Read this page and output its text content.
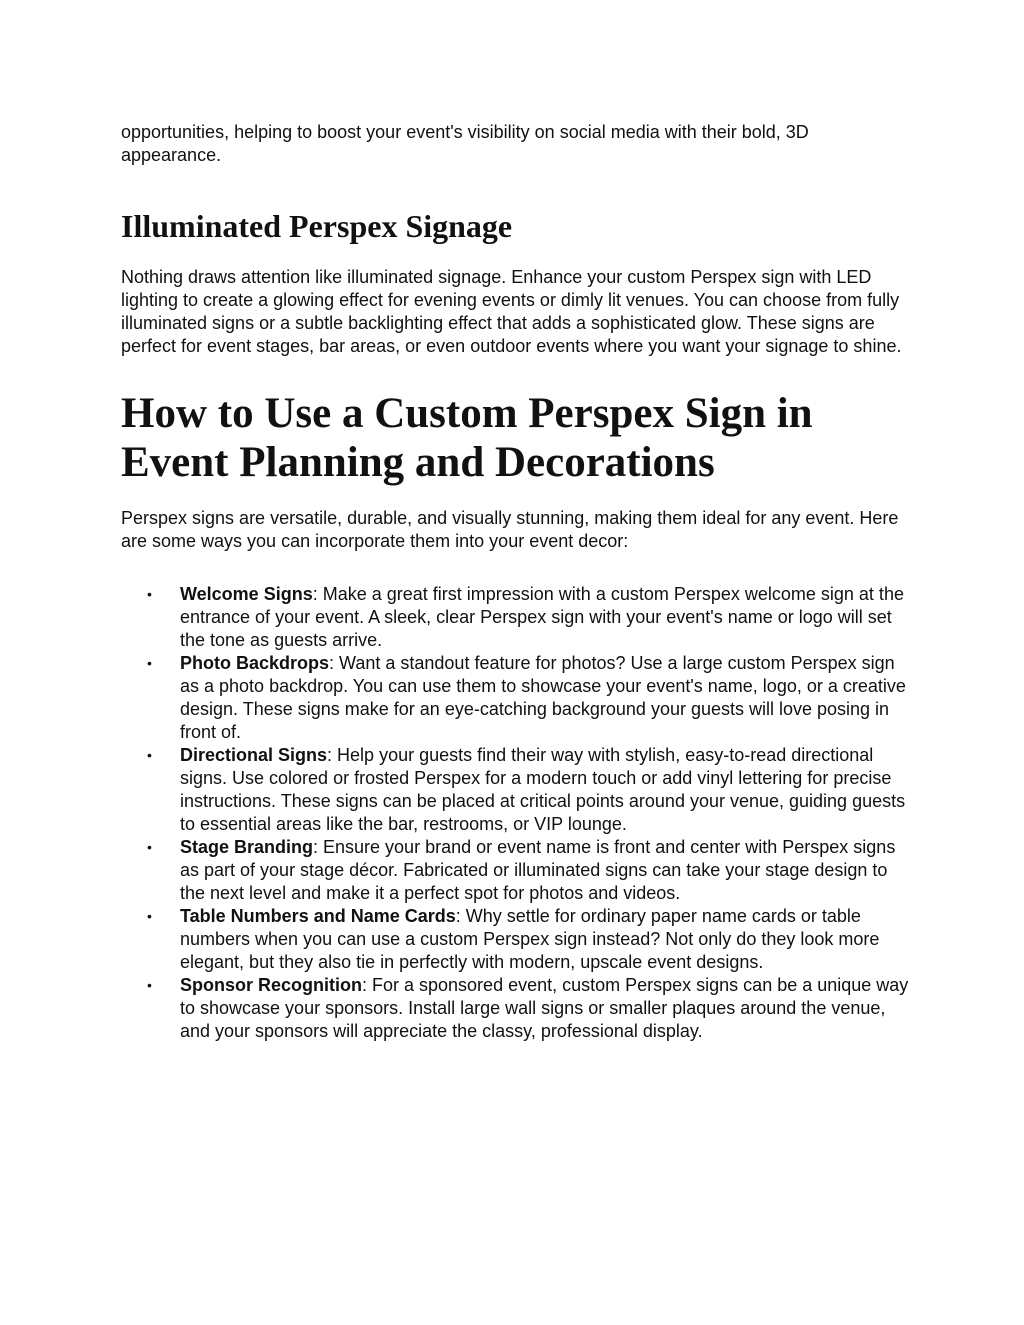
opportunities, helping to boost your event's visibility on social media with their bold, 3D appearance.

Illuminated Perspex Signage

Nothing draws attention like illuminated signage. Enhance your custom Perspex sign with LED lighting to create a glowing effect for evening events or dimly lit venues. You can choose from fully illuminated signs or a subtle backlighting effect that adds a sophisticated glow. These signs are perfect for event stages, bar areas, or even outdoor events where you want your signage to shine.

How to Use a Custom Perspex Sign in Event Planning and Decorations

Perspex signs are versatile, durable, and visually stunning, making them ideal for any event. Here are some ways you can incorporate them into your event decor:

• Welcome Signs: Make a great first impression with a custom Perspex welcome sign at the entrance of your event. A sleek, clear Perspex sign with your event's name or logo will set the tone as guests arrive.
• Photo Backdrops: Want a standout feature for photos? Use a large custom Perspex sign as a photo backdrop. You can use them to showcase your event's name, logo, or a creative design. These signs make for an eye-catching background your guests will love posing in front of.
• Directional Signs: Help your guests find their way with stylish, easy-to-read directional signs. Use colored or frosted Perspex for a modern touch or add vinyl lettering for precise instructions. These signs can be placed at critical points around your venue, guiding guests to essential areas like the bar, restrooms, or VIP lounge.
• Stage Branding: Ensure your brand or event name is front and center with Perspex signs as part of your stage décor. Fabricated or illuminated signs can take your stage design to the next level and make it a perfect spot for photos and videos.
• Table Numbers and Name Cards: Why settle for ordinary paper name cards or table numbers when you can use a custom Perspex sign instead? Not only do they look more elegant, but they also tie in perfectly with modern, upscale event designs.
• Sponsor Recognition: For a sponsored event, custom Perspex signs can be a unique way to showcase your sponsors. Install large wall signs or smaller plaques around the venue, and your sponsors will appreciate the classy, professional display.
